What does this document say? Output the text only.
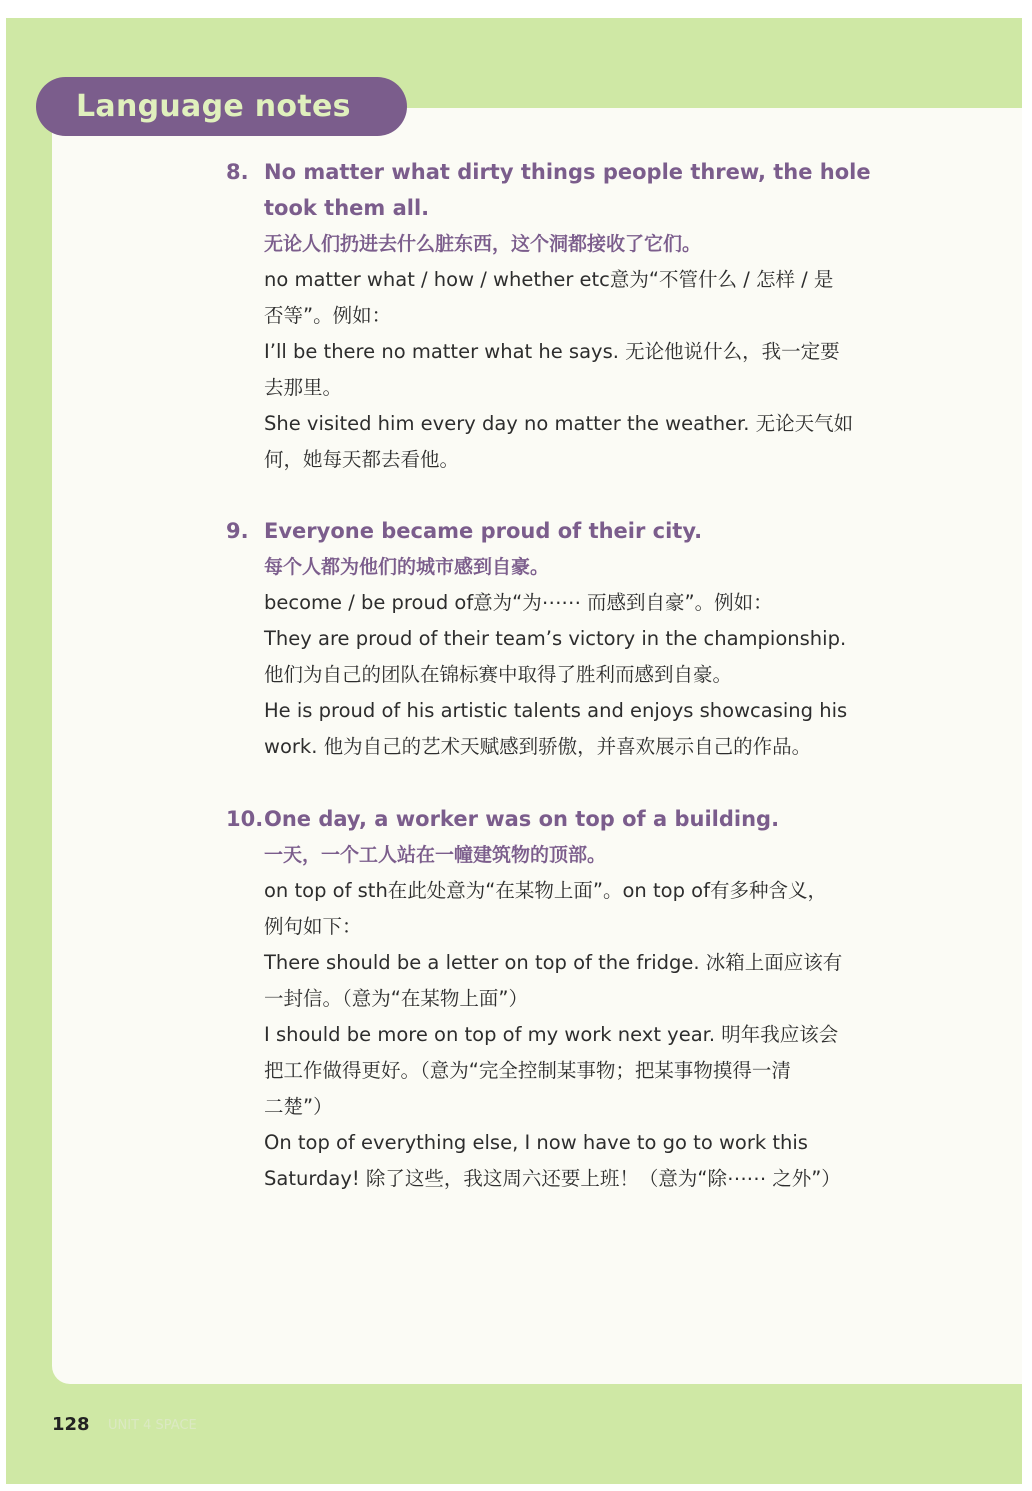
Language notes
8. No matter what dirty things people threw, the hole
took them all.
无论人们扔进去什么脏东西，这个洞都接收了它们。
no matter what / how / whether etc意为“不管什么 / 怎样 / 是
否等”。例如：
I’ll be there no matter what he says. 无论他说什么，我一定要
去那里。
She visited him every day no matter the weather. 无论天气如
何，她每天都去看他。
9. Everyone became proud of their city.
每个人都为他们的城市感到自豪。
become / be proud of意为“为⋯⋯ 而感到自豪”。例如：
They are proud of their team’s victory in the championship.
他们为自己的团队在锦标赛中取得了胜利而感到自豪。
He is proud of his artistic talents and enjoys showcasing his
work. 他为自己的艺术天赋感到骄傲，并喜欢展示自己的作品。
10. One day, a worker was on top of a building.
一天，一个工人站在一幢建筑物的顶部。
on top of sth在此处意为“在某物上面”。on top of有多种含义，
例句如下：
There should be a letter on top of the fridge. 冰箱上面应该有
一封信。（意为“在某物上面”）
I should be more on top of my work next year. 明年我应该会
把工作做得更好。（意为“完全控制某事物；把某事物摸得一清
二楚”）
On top of everything else, I now have to go to work this
Saturday! 除了这些，我这周六还要上班！（意为“除⋯⋯ 之外”）
128 UNIT 4 SPACE
